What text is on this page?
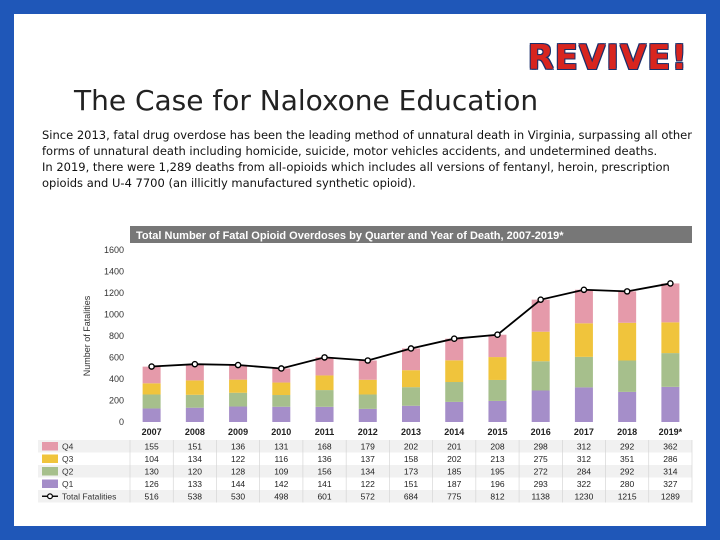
REVIVE!
The Case for Naloxone Education

Since 2013, fatal drug overdose has been the leading method of unnatural death in Virginia, surpassing all other forms of unnatural death including homicide, suicide, motor vehicles accidents, and undetermined deaths.

In 2019, there were 1,289 deaths from all-opioids which includes all versions of fentanyl, heroin, prescription opioids and U-4 7700 (an illicitly manufactured synthetic opioid).

Total Number of Fatal Opioid Overdoses by Quarter and Year of Death, 2007-2019*
Number of Fatalities
0
200
400
600
800
1000
1200
1400
1600
2007	2008	2009	2010	2011	2012	2013	2014	2015	2016	2017	2018 2019*
Q4	155	151	136	131	168	179	202	201	208	298	312	292	362
Q3	104	134	122	116	136	137	158	202	213	275	312	351	286
Q2	130	120	128	109	156	134	173	185	195	272	284	292	314
Q1	126	133	144	142	141	122	151	187	196	293	322	280	327
Total Fatalities	516	538	530	498	601	572	684	775	812	1138	1230	1215	1289
